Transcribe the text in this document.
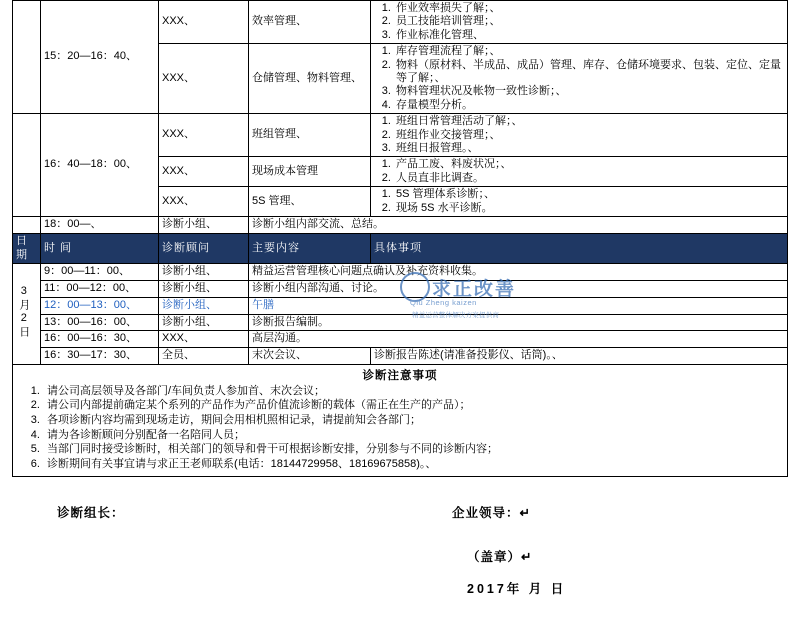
	15：20—16：40、	XXX、	效率管理、	
1. 作业效率损失了解；、
2. 员工技能培训管理；、
3. 作业标准化管理、

XXX、	仓储管理、物料管理、	
1. 库存管理流程了解；、
2. 物料（原材料、半成品、成品）管理、库存、仓储环境要求、包装、定位、定量等了解；、
3. 物料管理状况及帐物一致性诊断；、
4. 存量模型分析。

	16：40—18：00、	XXX、	班组管理、	
1. 班组日常管理活动了解；、
2. 班组作业交接管理；、
3. 班组日报管理。、

XXX、	现场成本管理	
1. 产品工废、料废状况；、
2. 人员直非比调查。

XXX、	5S 管理、	
1. 5S 管理体系诊断；、
2. 现场 5S 水平诊断。

	18：00—、	诊断小组、	诊断小组内部交流、总结。	
日期	时 间	诊断顾问	主要内容	具体事项
3月2日	9：00—11：00、	诊断小组、	精益运营管理核心问题点确认及补充资料收集。	
	11：00—12：00、	诊断小组、	诊断小组内部沟通、讨论。	
	12：00—13：00、	诊断小组、	午膳	
	13：00—16：00、	诊断小组、	诊断报告编制。	
	16：00—16：30、	XXX、	高层沟通。	
	16：30—17：30、	全员、	末次会议、	诊断报告陈述(请准备投影仪、话筒)。、
诊断注意事项
1. 请公司高层领导及各部门/车间负责人参加首、末次会议；
2. 请公司内部提前确定某个系列的产品作为产品价值流诊断的载体（需正在生产的产品）；
3. 各项诊断内容均需到现场走访，期间会用相机照相记录，请提前知会各部门；
4. 请为各诊断顾问分别配备一名陪同人员；
5. 当部门同时接受诊断时，相关部门的领导和骨干可根据诊断安排，分别参与不同的诊断内容；
6. 诊断期间有关事宜请与求正王老师联系(电话：18144729958、18169675858)。、
诊断组长：	企业领导：↵
（盖章）↵
2017年 月 日
求正改善
Qiu Zheng kaizen
精益运营整体解决方案提供商
